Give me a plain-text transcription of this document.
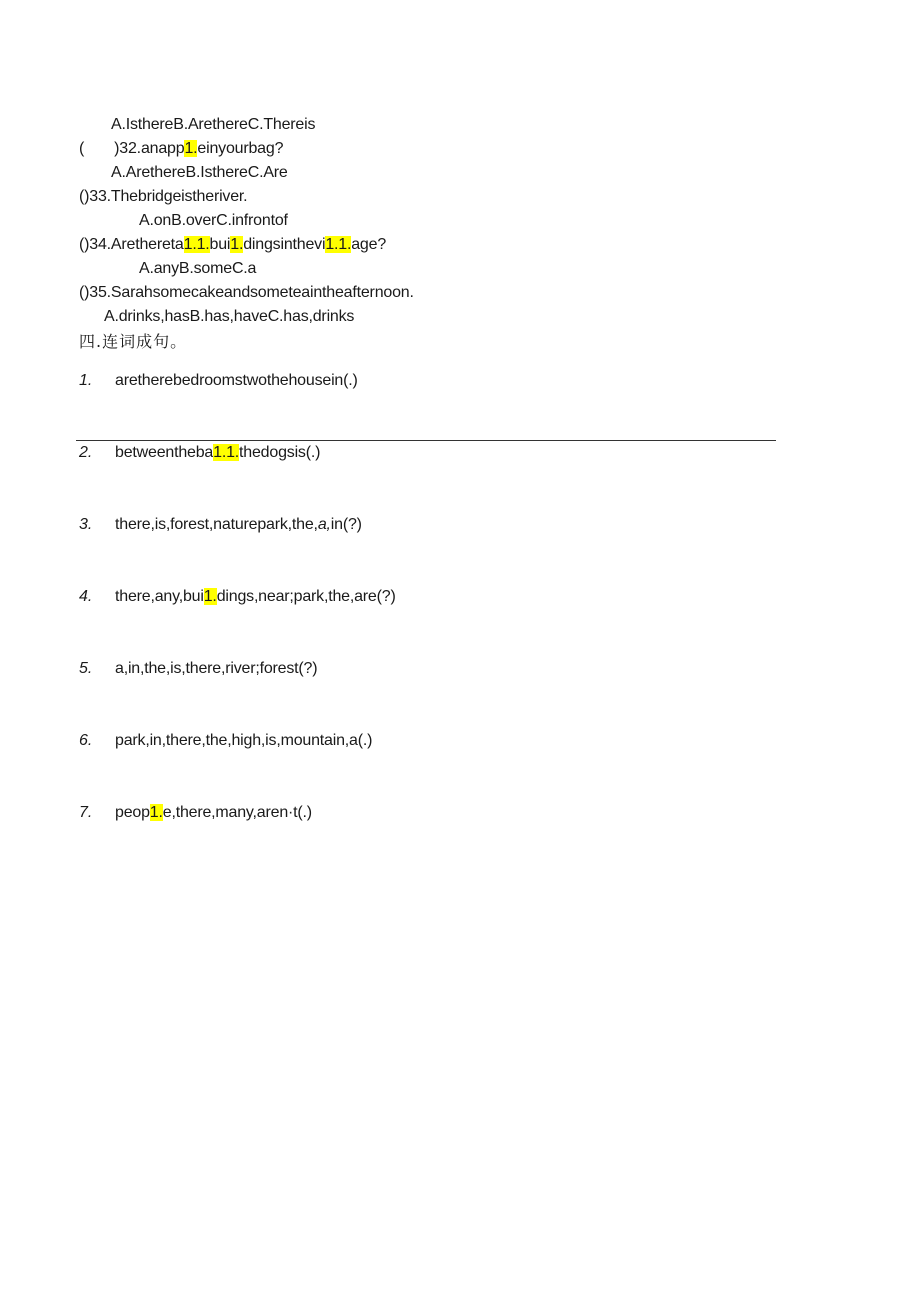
A.IsthereB.ArethereC.Thereis
( )32.anapp1.einyourbag?
A.ArethereB.IsthereC.Are
()33.Thebridgeistheriver.
A.onB.overC.infrontof
()34.Arethereta1.1.bui1.dingsinthevi1.1.age?
A.anyB.someC.a
()35.Sarahsomecakeandsometeaintheafternoon.
A.drinks,hasB.has,haveC.has,drinks
四.连词成句。
1. aretherebedroomstwothehousein(.)
2. betweentheba1.1.thedogsis(.)
3. there,is,forest,naturepark,the,a,in(?)
4. there,any,bui1.dings,near;park,the,are(?)
5. a,in,the,is,there,river;forest(?)
6. park,in,there,the,high,is,mountain,a(.)
7. peop1.e,there,many,aren·t(.)
